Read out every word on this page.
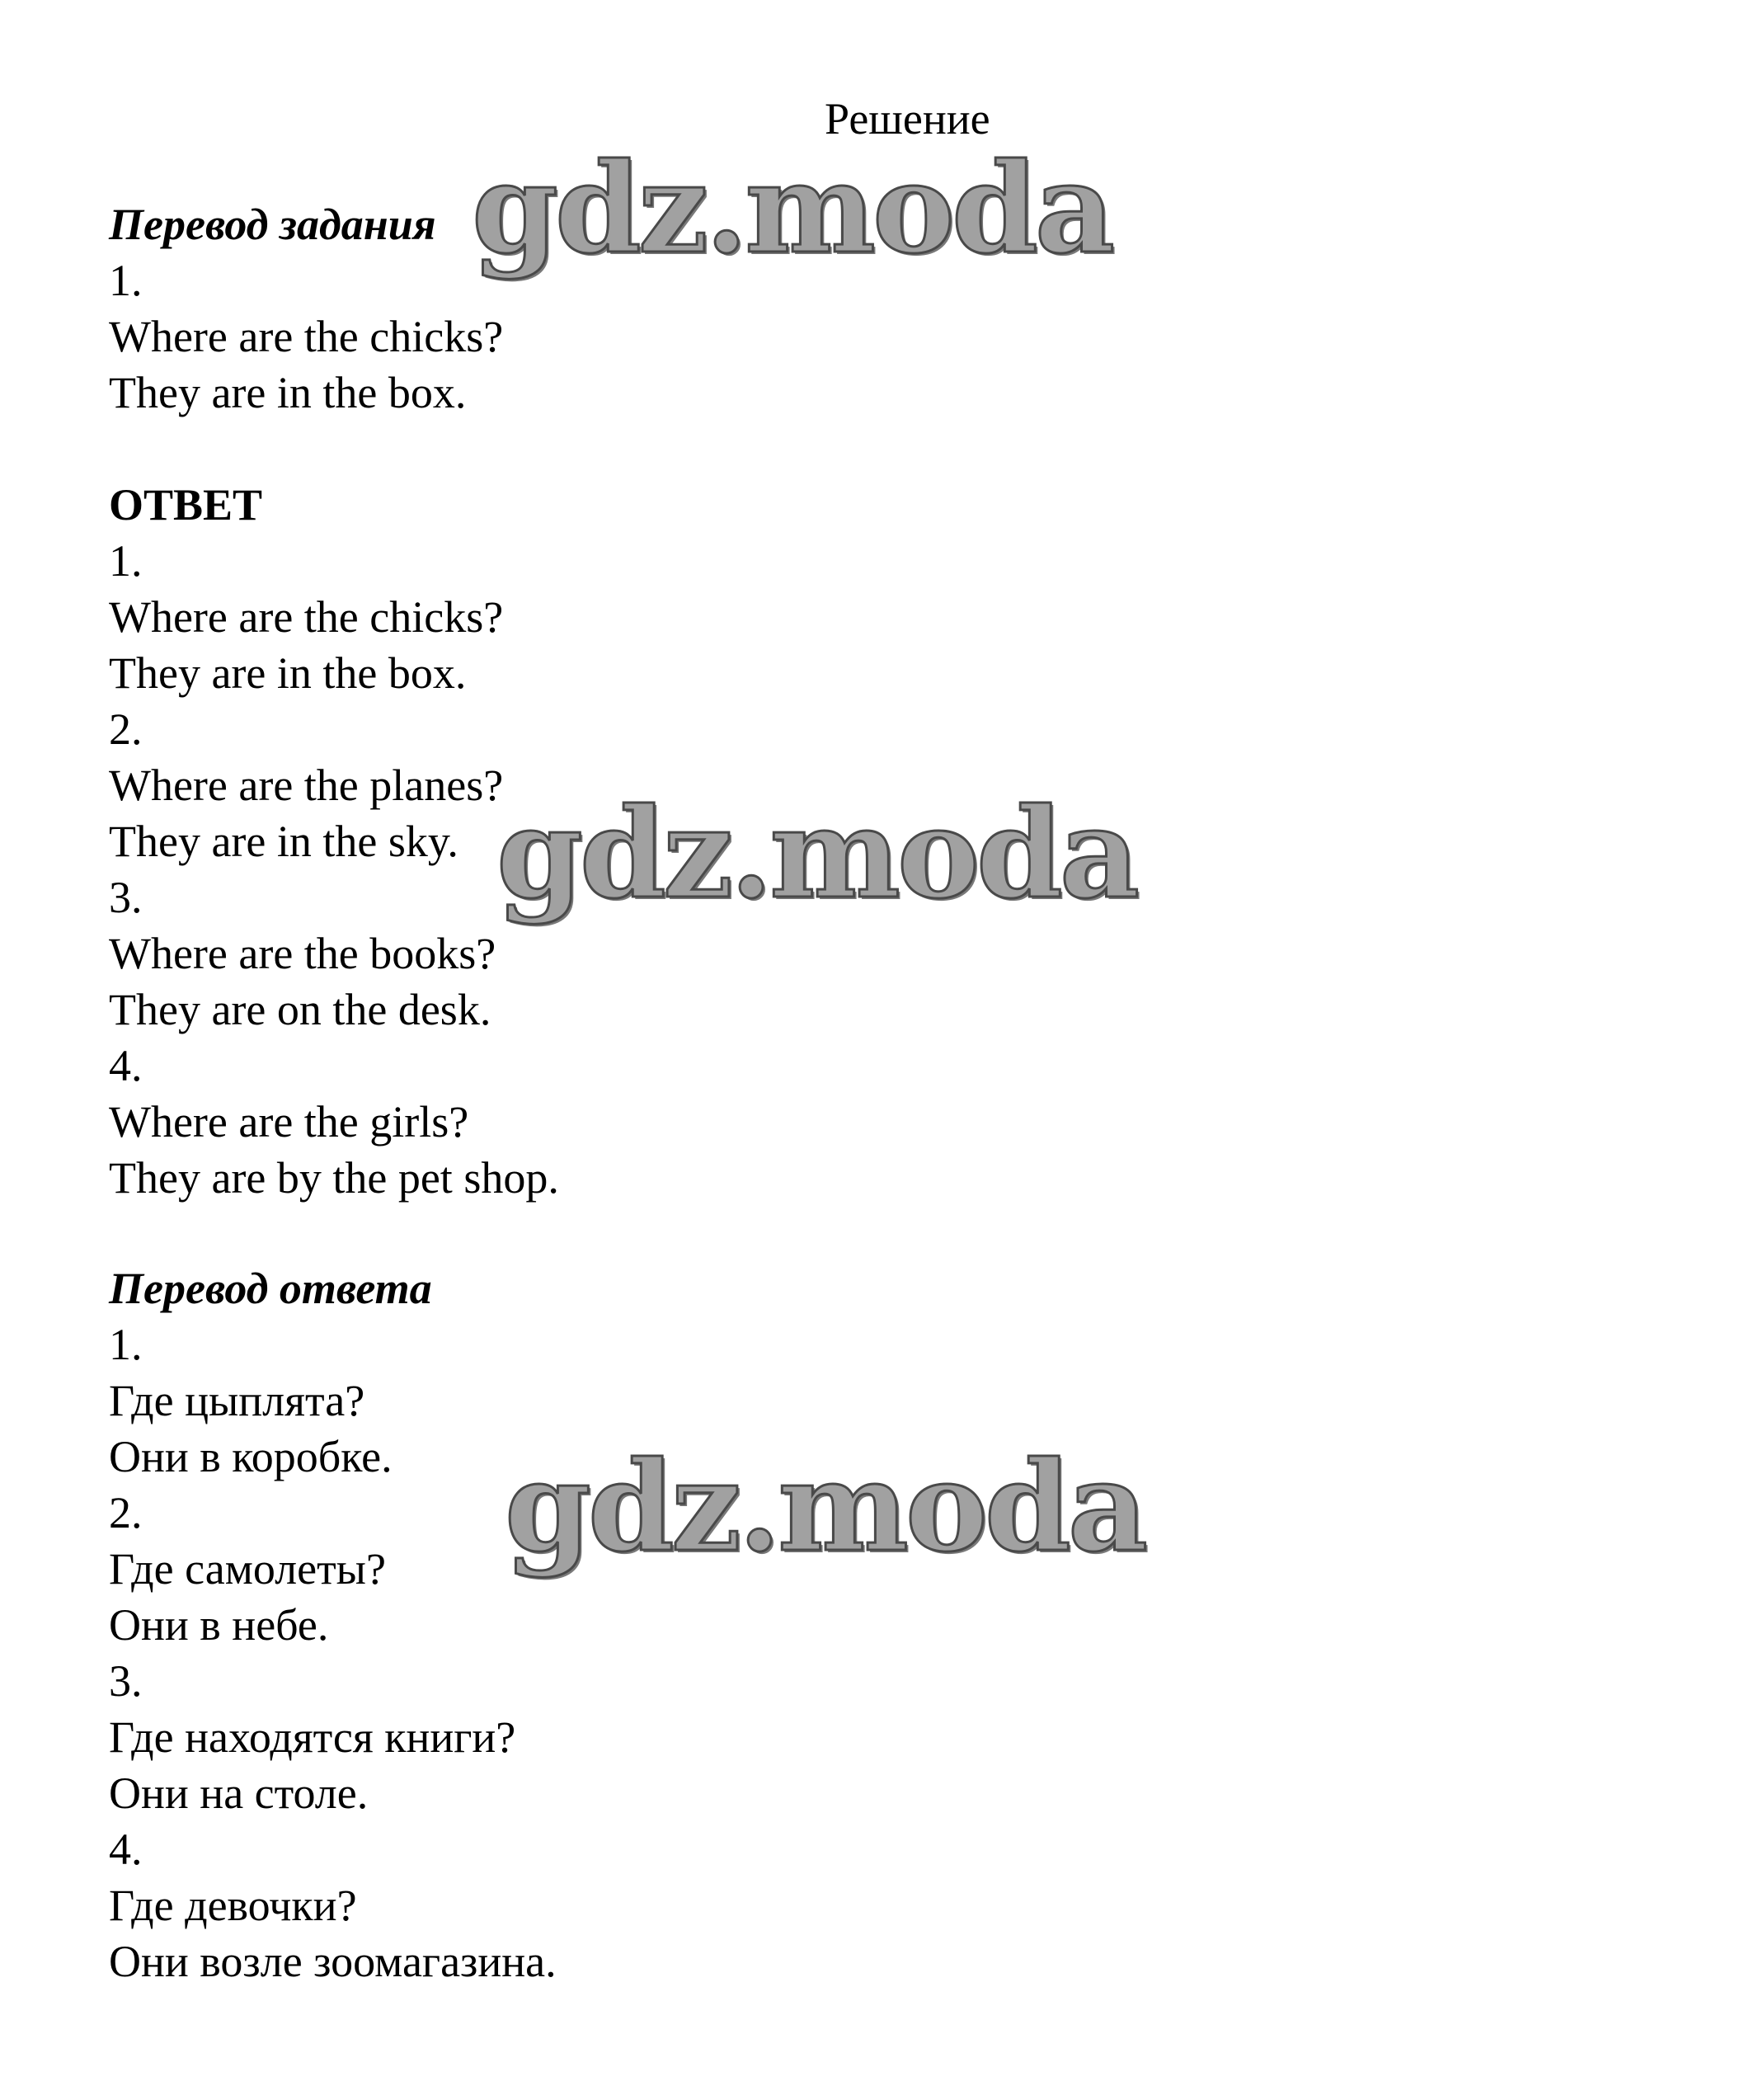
Решение
Перевод задания
1.
Where are the chicks?
They are in the box.
ОТВЕТ
1.
Where are the chicks?
They are in the box.
2.
Where are the planes?
They are in the sky.
3.
Where are the books?
They are on the desk.
4.
Where are the girls?
They are by the pet shop.
Перевод ответа
1.
Где цыплята?
Они в коробке.
2.
Где самолеты?
Они в небе.
3.
Где находятся книги?
Они на столе.
4.
Где девочки?
Они возле зоомагазина.
gdz.moda
gdz.moda
gdz.moda
